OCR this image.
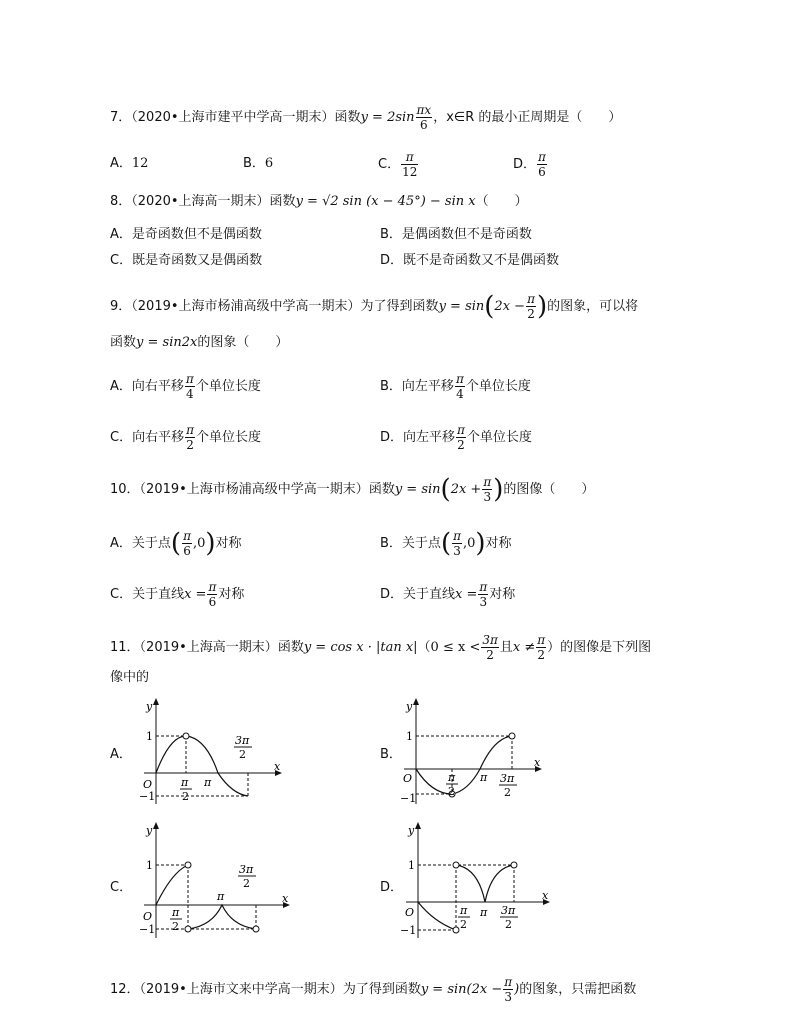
7．（2020•上海市建平中学高一期末）函数$y = 2\sin \frac{\pi x}{6}$ ，x∈R 的最小正周期是（　　）
A．12	B．6	C． $\frac{\pi}{12}$	D． $\frac{\pi}{6}$
8．（2020•上海高一期末）函数y = √2 sin (x − 45°) − sin x（　　）
A．是奇函数但不是偶函数	B．是偶函数但不是奇函数
C．既是奇函数又是偶函数	D．既不是奇函数又不是偶函数
9．（2019•上海市杨浦高级中学高一期末）为了得到函数$y = \sin(2x - \frac{\pi}{2}$ )的图象，可以将
函数y = sin2x的图象（　　）
A．向右平移 $\frac{\pi}{4}$ 个单位长度	B．向左平移 $\frac{\pi}{4}$ 个单位长度
C．向右平移 $\frac{\pi}{2}$ 个单位长度	D．向左平移 $\frac{\pi}{2}$ 个单位长度
10．（2019•上海市杨浦高级中学高一期末）函数$y = \sin(2x + \frac{\pi}{3}$ )的图像（　　）
A．关于点( $\frac{\pi}{6} ,0$)对称	B．关于点( $\frac{\pi}{3} ,0$)对称
C．关于直线$x = \frac{\pi}{6}$ 对称	D．关于直线$x = \frac{\pi}{3}$ 对称
11．（2019•上海高一期末）函数y = cos x · |tan $x|(0 \le x < \frac{3\pi}{2}$ 且$x \ne \frac{\pi}{2}$ ）的图像是下列图
像中的
A．	B．
C．	D．
y
x
O
1
−1
π
2
π
3π
2
y
x
O
1
−1
π
2
π 3π
2
y
x
O
1
−1
π
2
π
3π
2
y
x
O
1
−1
π
2
π 3π
2
12．（2019•上海市文来中学高一期末）为了得到函数$y = \sin(2x - \frac{\pi}{3}$ )的图象，只需把函数
